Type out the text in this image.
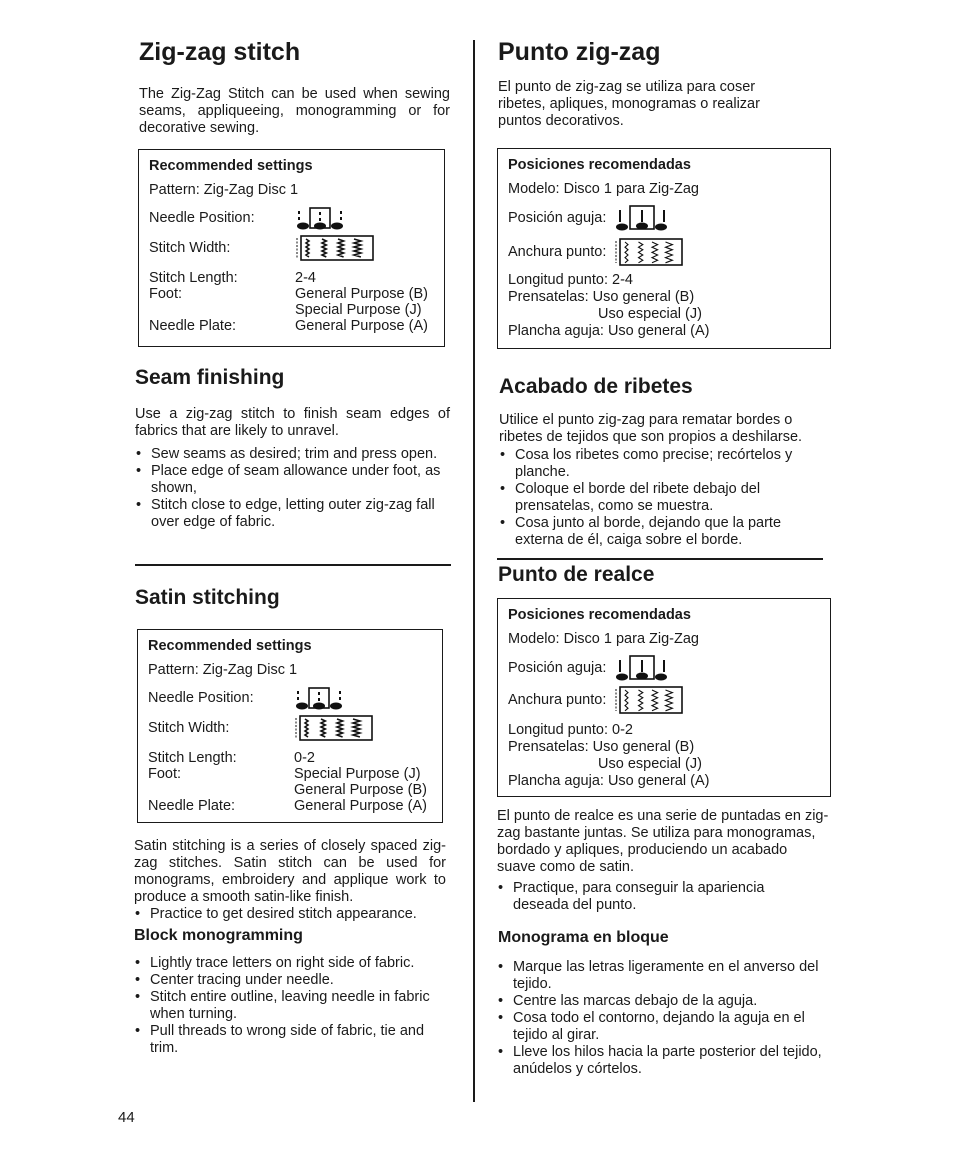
Zig-zag stitch

The Zig-Zag Stitch can be used when sewing seams, appliqueeing, monogramming or for decorative sewing.

Recommended settings
Pattern: Zig-Zag Disc 1
Needle Position:
Stitch Width:
Stitch Length:	2-4
Foot:	General Purpose (B)
Special Purpose (J)
Needle Plate:	General Purpose (A)
Seam finishing

Use a zig-zag stitch to finish seam edges of fabrics that are likely to unravel.

• Sew seams as desired; trim and press open.
• Place edge of seam allowance under foot, as shown,
• Stitch close to edge, letting outer zig-zag fall over edge of fabric.
Satin stitching
Recommended settings
Pattern: Zig-Zag Disc 1
Needle Position:
Stitch Width:
Stitch Length:	0-2
Foot:	Special Purpose (J)
General Purpose (B)
Needle Plate:	General Purpose (A)

Satin stitching is a series of closely spaced zig-zag stitches. Satin stitch can be used for monograms, embroidery and applique work to produce a smooth satin-like finish.

• Practice to get desired stitch appearance.
Block monogramming
• Lightly trace letters on right side of fabric.
• Center tracing under needle.
• Stitch entire outline, leaving needle in fabric when turning.
• Pull threads to wrong side of fabric, tie and trim.
44
Punto zig-zag

El punto de zig-zag se utiliza para coser ribetes, apliques, monogramas o realizar puntos decorativos.

Posiciones recomendadas
Modelo: Disco 1 para Zig-Zag
Posición aguja:
Anchura punto:
Longitud punto: 2-4
Prensatelas: Uso general (B)
Uso especial (J)
Plancha aguja: Uso general (A)
Acabado de ribetes

Utilice el punto zig-zag para rematar bordes o ribetes de tejidos que son propios a deshilarse.

• Cosa los ribetes como precise; recórtelos y planche.
• Coloque el borde del ribete debajo del prensatelas, como se muestra.
• Cosa junto al borde, dejando que la parte externa de él, caiga sobre el borde.
Punto de realce
Posiciones recomendadas
Modelo: Disco 1 para Zig-Zag
Posición aguja:
Anchura punto:
Longitud punto: 0-2
Prensatelas: Uso general (B)
Uso especial (J)
Plancha aguja: Uso general (A)

El punto de realce es una serie de puntadas en zig-zag bastante juntas. Se utiliza para monogramas, bordado y apliques, produciendo un acabado suave como de satin.

• Practique, para conseguir la apariencia deseada del punto.
Monograma en bloque
• Marque las letras ligeramente en el anverso del tejido.
• Centre las marcas debajo de la aguja.
• Cosa todo el contorno, dejando la aguja en el tejido al girar.
• Lleve los hilos hacia la parte posterior del tejido, anúdelos y córtelos.
